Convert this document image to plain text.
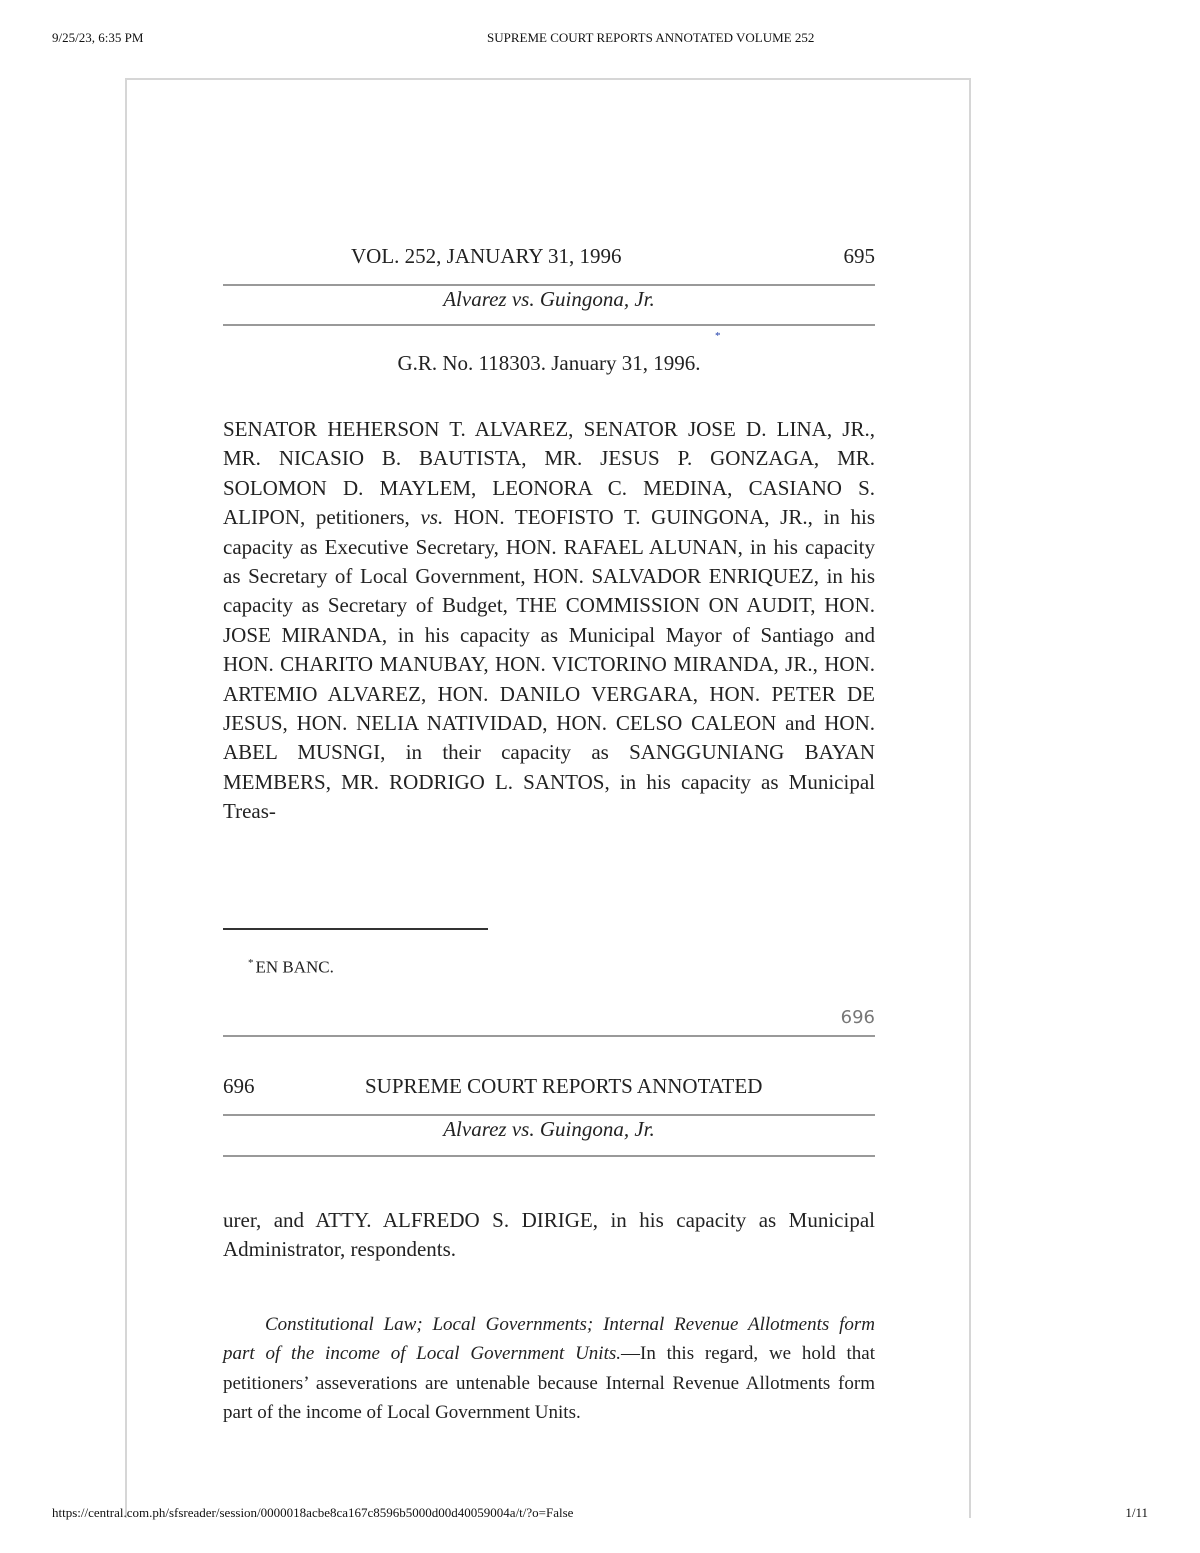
9/25/23, 6:35 PM	SUPREME COURT REPORTS ANNOTATED VOLUME 252
VOL. 252, JANUARY 31, 1996	695
Alvarez vs. Guingona, Jr.
*
G.R. No. 118303. January 31, 1996.
SENATOR HEHERSON T. ALVAREZ, SENATOR JOSE D. LINA, JR., MR. NICASIO B. BAUTISTA, MR. JESUS P. GONZAGA, MR. SOLOMON D. MAYLEM, LEONORA C. MEDINA, CASIANO S. ALIPON, petitioners, vs. HON. TEOFISTO T. GUINGONA, JR., in his capacity as Executive Secretary, HON. RAFAEL ALUNAN, in his capacity as Secretary of Local Government, HON. SALVADOR ENRIQUEZ, in his capacity as Secretary of Budget, THE COMMISSION ON AUDIT, HON. JOSE MIRANDA, in his capacity as Municipal Mayor of Santiago and HON. CHARITO MANUBAY, HON. VICTORINO MIRANDA, JR., HON. ARTEMIO ALVAREZ, HON. DANILO VERGARA, HON. PETER DE JESUS, HON. NELIA NATIVIDAD, HON. CELSO CALEON and HON. ABEL MUSNGI, in their capacity as SANGGUNIANG BAYAN MEMBERS, MR. RODRIGO L. SANTOS, in his capacity as Municipal Treas-
* EN BANC.
696
696	SUPREME COURT REPORTS ANNOTATED
Alvarez vs. Guingona, Jr.
urer, and ATTY. ALFREDO S. DIRIGE, in his capacity as Municipal Administrator, respondents.
Constitutional Law; Local Governments; Internal Revenue Allotments form part of the income of Local Government Units.—In this regard, we hold that petitioners’ asseverations are untenable because Internal Revenue Allotments form part of the income of Local Government Units.
https://central.com.ph/sfsreader/session/0000018acbe8ca167c8596b5000d00d40059004a/t/?o=False	1/11
